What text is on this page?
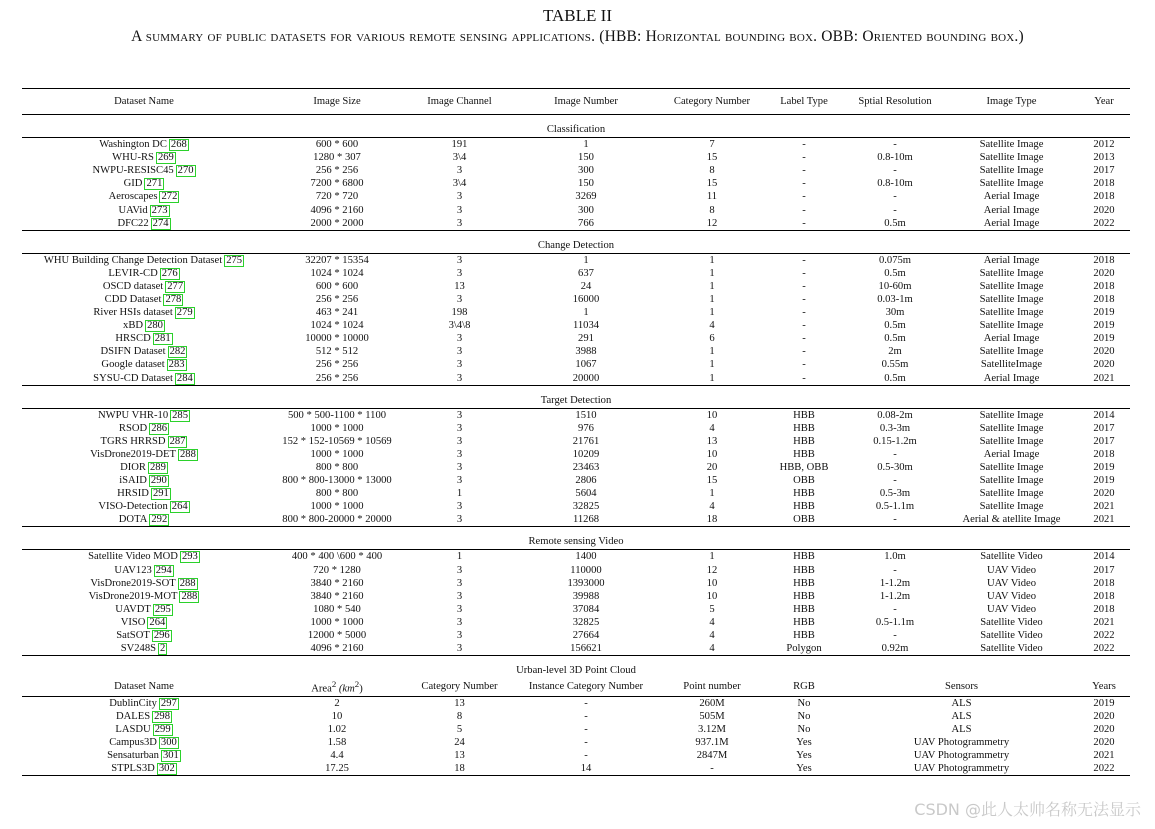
TABLE II
A summary of public datasets for various remote sensing applications. (HBB: Horizontal bounding box. OBB: Oriented bounding box.)
Dataset Name	Image Size	Image Channel	Image Number	Category Number	Label Type	Sptial Resolution	Image Type	Year
Classification								
Washington DC 268	600 * 600	191	1	7	-	-	Satellite Image	2012
WHU-RS 269	1280 * 307	3\4	150	15	-	0.8-10m	Satellite Image	2013
NWPU-RESISC45 270	256 * 256	3	300	8	-	-	Satellite Image	2017
GID 271	7200 * 6800	3\4	150	15	-	0.8-10m	Satellite Image	2018
Aeroscapes 272	720 * 720	3	3269	11	-	-	Aerial Image	2018
UAVid 273	4096 * 2160	3	300	8	-	-	Aerial Image	2020
DFC22 274	2000 * 2000	3	766	12	-	0.5m	Aerial Image	2022
Change Detection								
WHU Building Change Detection Dataset 275	32207 * 15354	3	1	1	-	0.075m	Aerial Image	2018
LEVIR-CD 276	1024 * 1024	3	637	1	-	0.5m	Satellite Image	2020
OSCD dataset 277	600 * 600	13	24	1	-	10-60m	Satellite Image	2018
CDD Dataset 278	256 * 256	3	16000	1	-	0.03-1m	Satellite Image	2018
River HSIs dataset 279	463 * 241	198	1	1	-	30m	Satellite Image	2019
xBD 280	1024 * 1024	3\4\8	11034	4	-	0.5m	Satellite Image	2019
HRSCD 281	10000 * 10000	3	291	6	-	0.5m	Aerial Image	2019
DSIFN Dataset 282	512 * 512	3	3988	1	-	2m	Satellite Image	2020
Google dataset 283	256 * 256	3	1067	1	-	0.55m	SatelliteImage	2020
SYSU-CD Dataset 284	256 * 256	3	20000	1	-	0.5m	Aerial Image	2021
Target Detection								
NWPU VHR-10 285	500 * 500-1100 * 1100	3	1510	10	HBB	0.08-2m	Satellite Image	2014
RSOD 286	1000 * 1000	3	976	4	HBB	0.3-3m	Satellite Image	2017
TGRS HRRSD 287	152 * 152-10569 * 10569	3	21761	13	HBB	0.15-1.2m	Satellite Image	2017
VisDrone2019-DET 288	1000 * 1000	3	10209	10	HBB	-	Aerial Image	2018
DIOR 289	800 * 800	3	23463	20	HBB, OBB	0.5-30m	Satellite Image	2019
iSAID 290	800 * 800-13000 * 13000	3	2806	15	OBB	-	Satellite Image	2019
HRSID 291	800 * 800	1	5604	1	HBB	0.5-3m	Satellite Image	2020
VISO-Detection 264	1000 * 1000	3	32825	4	HBB	0.5-1.1m	Satellite Image	2021
DOTA 292	800 * 800-20000 * 20000	3	11268	18	OBB	-	Aerial & atellite Image	2021
Remote sensing Video								
Satellite Video MOD 293	400 * 400 \600 * 400	1	1400	1	HBB	1.0m	Satellite Video	2014
UAV123 294	720 * 1280	3	110000	12	HBB	-	UAV Video	2017
VisDrone2019-SOT 288	3840 * 2160	3	1393000	10	HBB	1-1.2m	UAV Video	2018
VisDrone2019-MOT 288	3840 * 2160	3	39988	10	HBB	1-1.2m	UAV Video	2018
UAVDT 295	1080 * 540	3	37084	5	HBB	-	UAV Video	2018
VISO 264	1000 * 1000	3	32825	4	HBB	0.5-1.1m	Satellite Video	2021
SatSOT 296	12000 * 5000	3	27664	4	HBB	-	Satellite Video	2022
SV248S 2	4096 * 2160	3	156621	4	Polygon	0.92m	Satellite Video	2022
Urban-level 3D Point Cloud								
Dataset Name	Area$^2$ $(km^2)$	Category Number	Instance Category Number	Point number	RGB	Sensors		Years
DublinCity 297	2	13	-	260M	No	ALS		2019
DALES 298	10	8	-	505M	No	ALS		2020
LASDU 299	1.02	5	-	3.12M	No	ALS		2020
Campus3D 300	1.58	24	-	937.1M	Yes	UAV Photogrammetry		2020
Sensaturban 301	4.4	13	-	2847M	Yes	UAV Photogrammetry		2021
STPLS3D 302	17.25	18	14	-	Yes	UAV Photogrammetry		2022
CSDN @此人太帅名称无法显示
